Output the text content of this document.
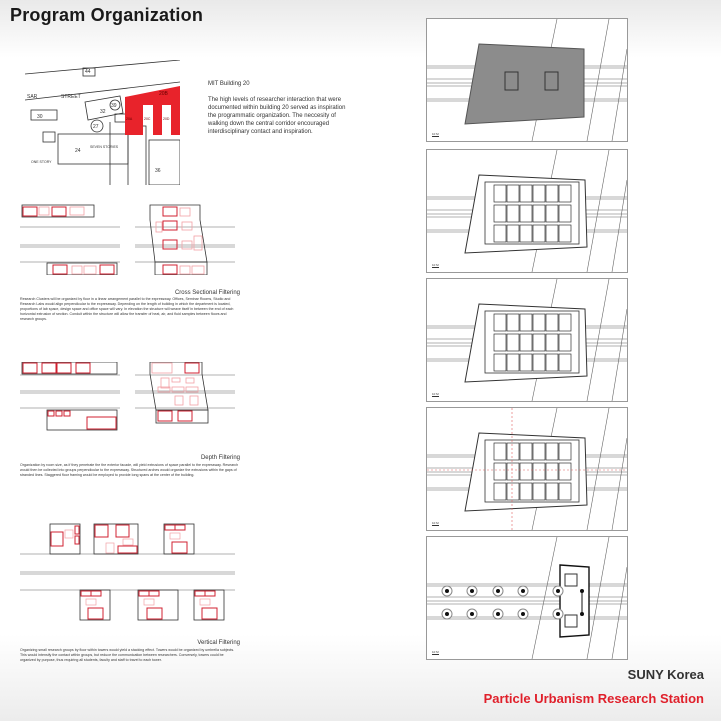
Program Organization
44
STREET
SAR
32
30
39
27
24
SEVEN STORIES
ONE STORY
20B
20A	20C	20D
36
MIT Building 20
The high levels of researcher interaction that were documented within building 20 served as inspiration the programmatic organization. The neccesity of walking down the central corridor encouraged interdisciplinary contact and inspiration.
Cross Sectional Filtering
Research Clusters will be organized by floor in a linear arrangement parallel to the expressway. Offices, Seminar Rooms, Studio and Research Labs would align perpendicular to the expressway. Depending on the length of building in which the department is located, proportions of lab space, design space and office space will vary. In elevation the structure will weave itself in between the end of each horizontal extrusion of section. Conduit within the structure will allow the transfer of heat, air, and fluid samples between floors and research groups.
Depth Filtering
Organization by room size, as if they penetrate the the exterior facade, will yield extrusions of space parallel to the expressway. Research would then be collected into groups perpendicular to the expressway. Structured arches would organize the extrusions within the gaps of stranded lines. Staggered floor framing would be employed to provide long spans at the center of the building.
Vertical Filtering
Organizing small research groups by floor within towers would yield a stacking effect. Towers would be organized by umbrella subjects. This would intensify the contact within groups, but reduce the communication between researchers. Conversely, towers could be organized by purpose, thus requiring all students, faculty and staff to travel to each tower.
10 M
10 M
10 M
10 M
10 M
SUNY Korea
Particle Urbanism Research Station
